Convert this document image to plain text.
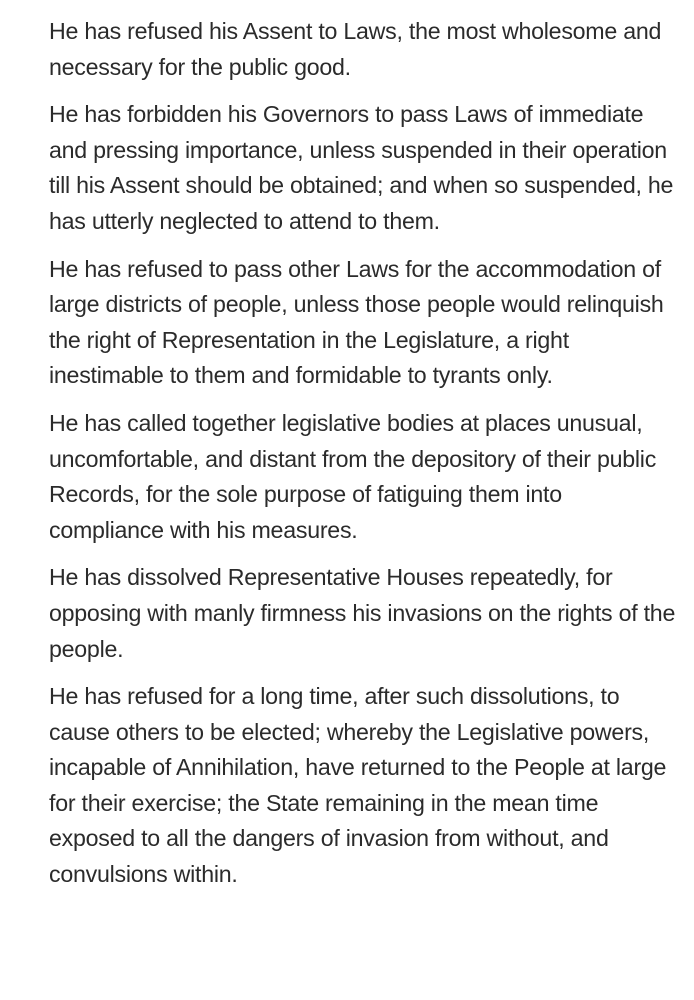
He has refused his Assent to Laws, the most wholesome and necessary for the public good.

He has forbidden his Governors to pass Laws of immediate and pressing importance, unless suspended in their operation till his Assent should be obtained; and when so suspended, he has utterly neglected to attend to them.

He has refused to pass other Laws for the accommodation of large districts of people, unless those people would relinquish the right of Representation in the Legislature, a right inestimable to them and formidable to tyrants only.

He has called together legislative bodies at places unusual, uncomfortable, and distant from the depository of their public Records, for the sole purpose of fatiguing them into compliance with his measures.

He has dissolved Representative Houses repeatedly, for opposing with manly firmness his invasions on the rights of the people.

He has refused for a long time, after such dissolutions, to cause others to be elected; whereby the Legislative powers, incapable of Annihilation, have returned to the People at large for their exercise; the State remaining in the mean time exposed to all the dangers of invasion from without, and convulsions within.
